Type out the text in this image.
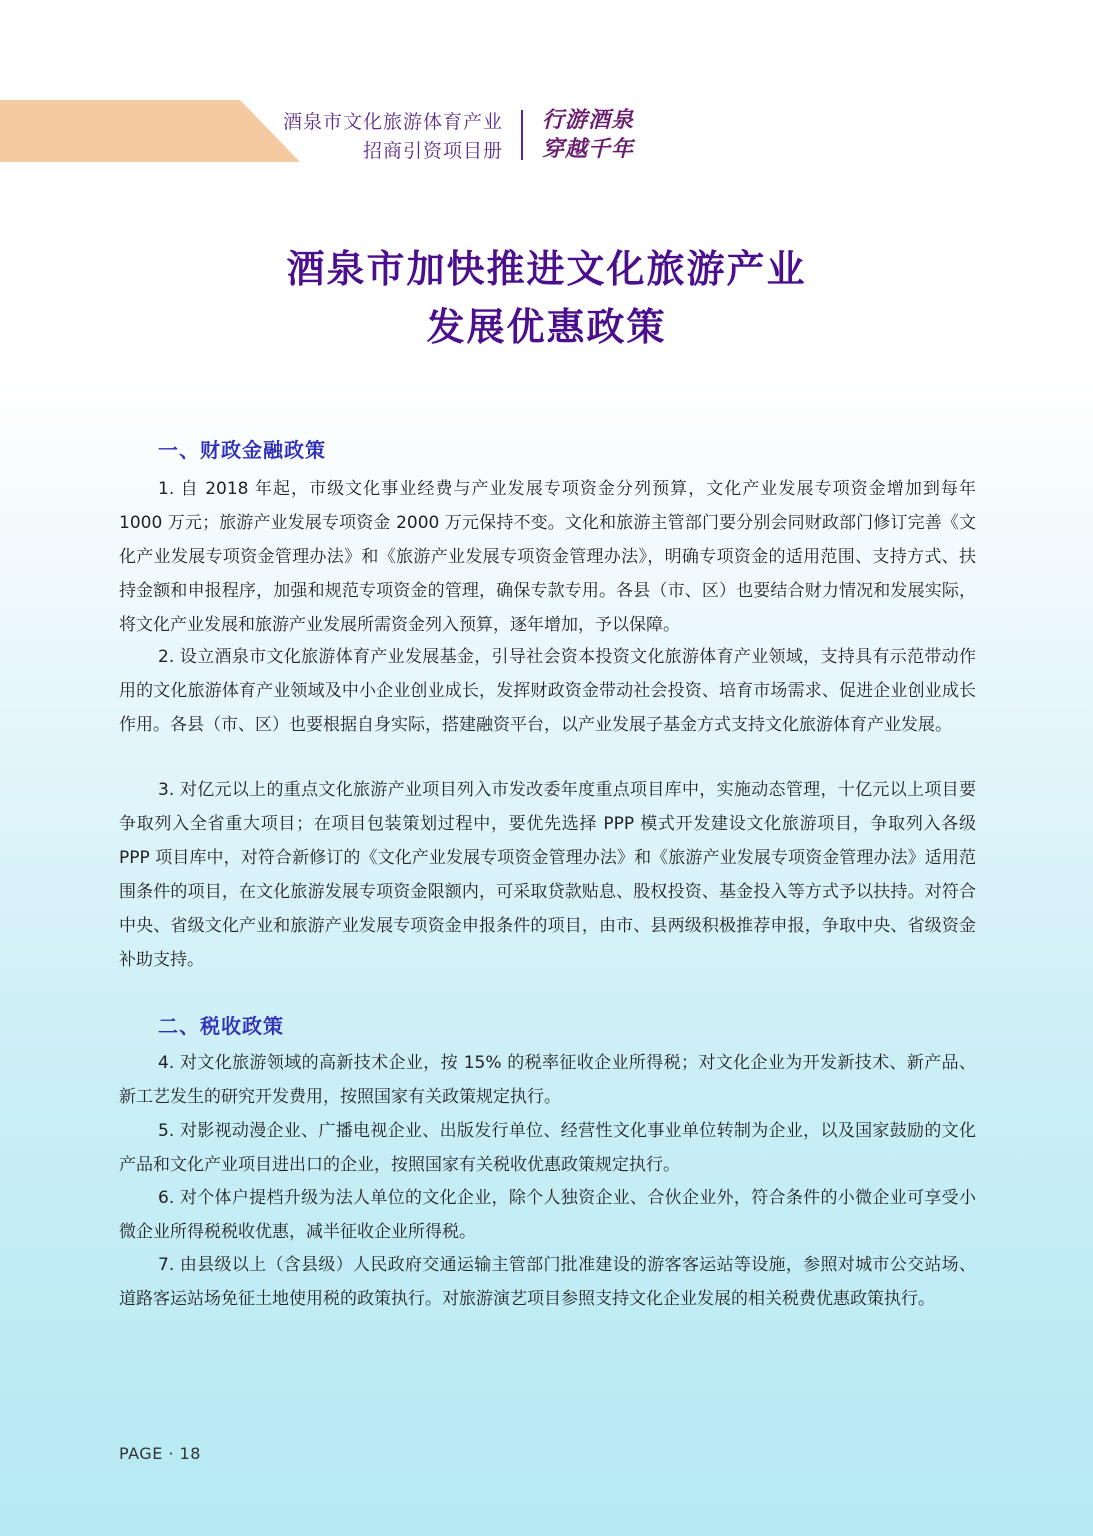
酒泉市文化旅游体育产业
招商引资项目册
行游酒泉
穿越千年
酒泉市加快推进文化旅游产业
发展优惠政策
一、财政金融政策
1. 自 2018 年起，市级文化事业经费与产业发展专项资金分列预算，文化产业发展专项资金增加到每年 1000 万元；旅游产业发展专项资金 2000 万元保持不变。文化和旅游主管部门要分别会同财政部门修订完善《文化产业发展专项资金管理办法》和《旅游产业发展专项资金管理办法》，明确专项资金的适用范围、支持方式、扶持金额和申报程序，加强和规范专项资金的管理，确保专款专用。各县（市、区）也要结合财力情况和发展实际，将文化产业发展和旅游产业发展所需资金列入预算，逐年增加，予以保障。
2. 设立酒泉市文化旅游体育产业发展基金，引导社会资本投资文化旅游体育产业领域，支持具有示范带动作用的文化旅游体育产业领域及中小企业创业成长，发挥财政资金带动社会投资、培育市场需求、促进企业创业成长作用。各县（市、区）也要根据自身实际，搭建融资平台，以产业发展子基金方式支持文化旅游体育产业发展。
3. 对亿元以上的重点文化旅游产业项目列入市发改委年度重点项目库中，实施动态管理，十亿元以上项目要争取列入全省重大项目；在项目包装策划过程中，要优先选择 PPP 模式开发建设文化旅游项目，争取列入各级 PPP 项目库中，对符合新修订的《文化产业发展专项资金管理办法》和《旅游产业发展专项资金管理办法》适用范围条件的项目，在文化旅游发展专项资金限额内，可采取贷款贴息、股权投资、基金投入等方式予以扶持。对符合中央、省级文化产业和旅游产业发展专项资金申报条件的项目，由市、县两级积极推荐申报，争取中央、省级资金补助支持。
二、税收政策
4. 对文化旅游领域的高新技术企业，按 15% 的税率征收企业所得税；对文化企业为开发新技术、新产品、新工艺发生的研究开发费用，按照国家有关政策规定执行。
5. 对影视动漫企业、广播电视企业、出版发行单位、经营性文化事业单位转制为企业，以及国家鼓励的文化产品和文化产业项目进出口的企业，按照国家有关税收优惠政策规定执行。
6. 对个体户提档升级为法人单位的文化企业，除个人独资企业、合伙企业外，符合条件的小微企业可享受小微企业所得税税收优惠，减半征收企业所得税。
7. 由县级以上（含县级）人民政府交通运输主管部门批准建设的游客客运站等设施，参照对城市公交站场、道路客运站场免征土地使用税的政策执行。对旅游演艺项目参照支持文化企业发展的相关税费优惠政策执行。
PAGE · 18
